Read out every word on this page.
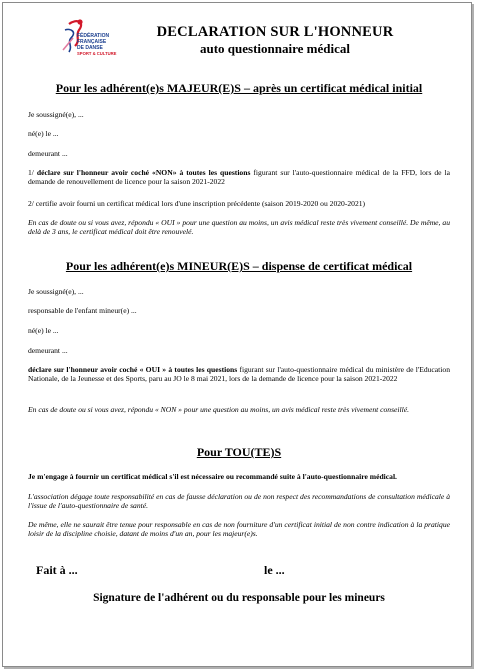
FÉDÉRATION
FRANÇAISE
DE DANSE
SPORT & CULTURE
DECLARATION SUR L'HONNEUR
auto questionnaire médical
Pour les adhérent(e)s MAJEUR(E)S – après un certificat médical initial
Je soussigné(e), ...
né(e) le ...
demeurant ...
1/ déclare sur l'honneur avoir coché «NON» à toutes les questions figurant sur l'auto-questionnaire médical de la FFD, lors de la demande de renouvellement de licence pour la saison 2021-2022
2/ certifie avoir fourni un certificat médical lors d'une inscription précédente (saison 2019-2020 ou 2020-2021)
En cas de doute ou si vous avez, répondu « OUI » pour une question au moins, un avis médical reste très vivement conseillé. De même, au delà de 3 ans, le certificat médical doit être renouvelé.
Pour les adhérent(e)s MINEUR(E)S – dispense de certificat médical
Je soussigné(e), ...
responsable de l'enfant mineur(e) ...
né(e) le ...
demeurant ...
déclare sur l'honneur avoir coché « OUI » à toutes les questions figurant sur l'auto-questionnaire médical du ministère de l'Education Nationale, de la Jeunesse et des Sports, paru au JO le 8 mai 2021, lors de la demande de licence pour la saison 2021-2022
En cas de doute ou si vous avez, répondu « NON » pour une question au moins, un avis médical reste très vivement conseillé.
Pour TOU(TE)S
Je m'engage à fournir un certificat médical s'il est nécessaire ou recommandé suite à l'auto-questionnaire médical.
L'association dégage toute responsabilité en cas de fausse déclaration ou de non respect des recommandations de consultation médicale à l'issue de l'auto-questionnaire de santé.
De même, elle ne saurait être tenue pour responsable en cas de non fourniture d'un certificat initial de non contre indication à la pratique loisir de la discipline choisie, datant de moins d'un an, pour les majeur(e)s.
Fait à ...	le ...
Signature de l'adhérent ou du responsable pour les mineurs
